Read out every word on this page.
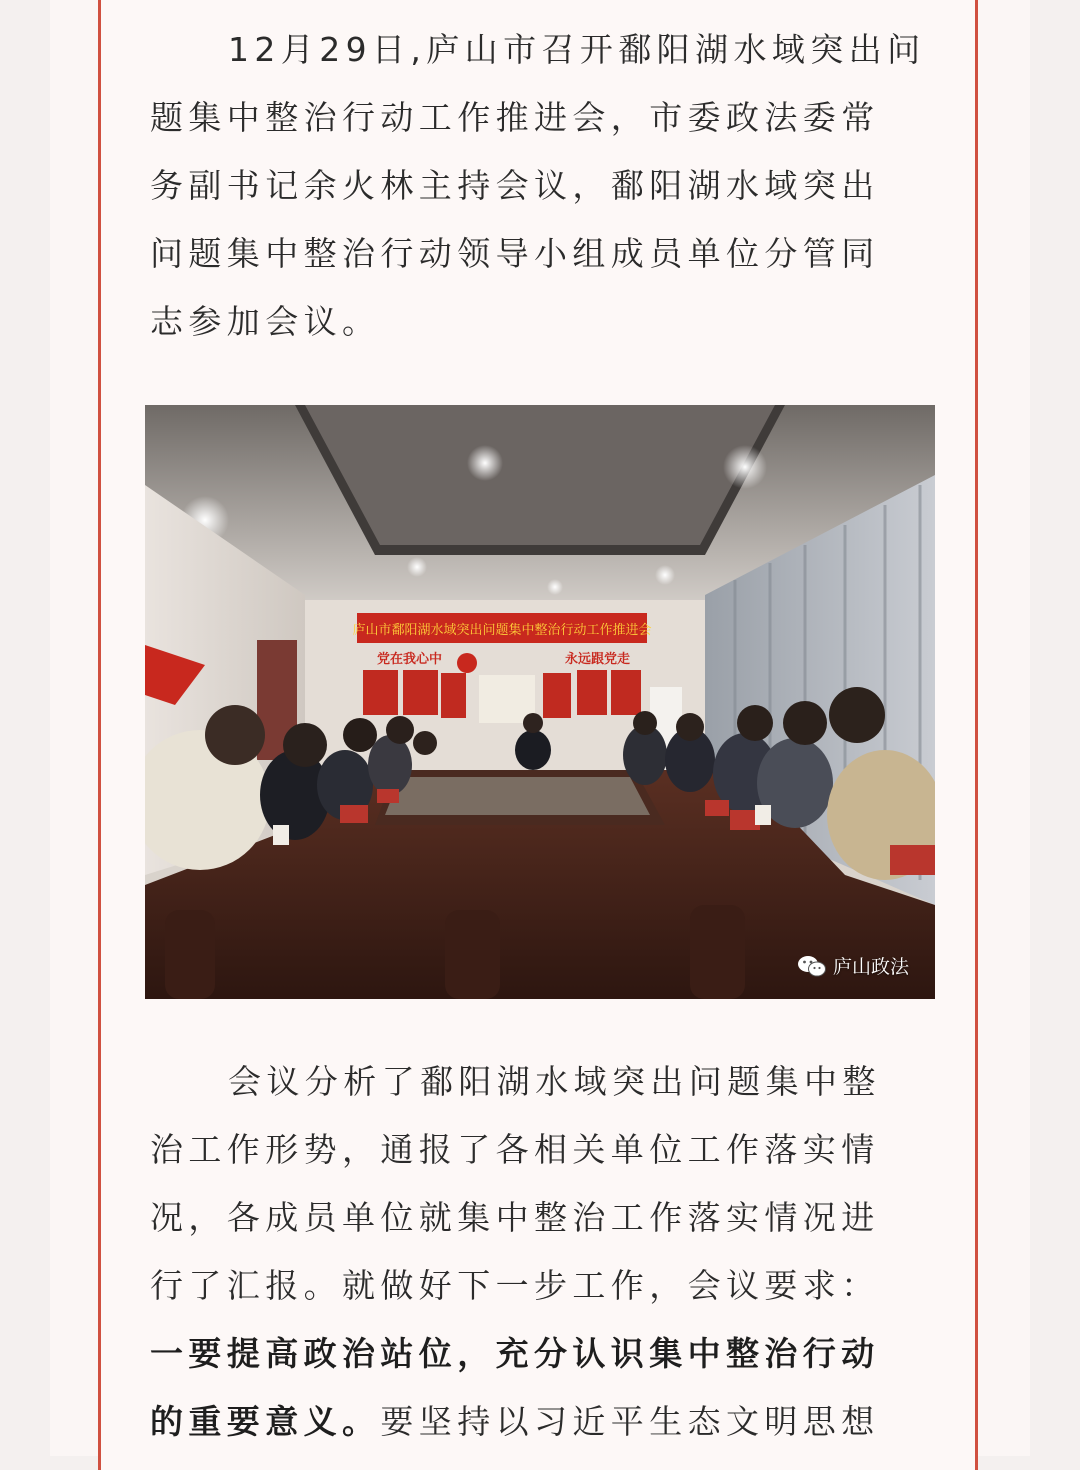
12月29日,庐山市召开鄱阳湖水域突出问
题集中整治行动工作推进会，市委政法委常
务副书记余火林主持会议，鄱阳湖水域突出
问题集中整治行动领导小组成员单位分管同
志参加会议。
庐山市鄱阳湖水域突出问题集中整治行动工作推进会
党在我心中	永远跟党走
庐山政法
会议分析了鄱阳湖水域突出问题集中整
治工作形势，通报了各相关单位工作落实情
况，各成员单位就集中整治工作落实情况进
行了汇报。就做好下一步工作，会议要求：
一要提高政治站位，充分认识集中整治行动
的重要意义。要坚持以习近平生态文明思想
